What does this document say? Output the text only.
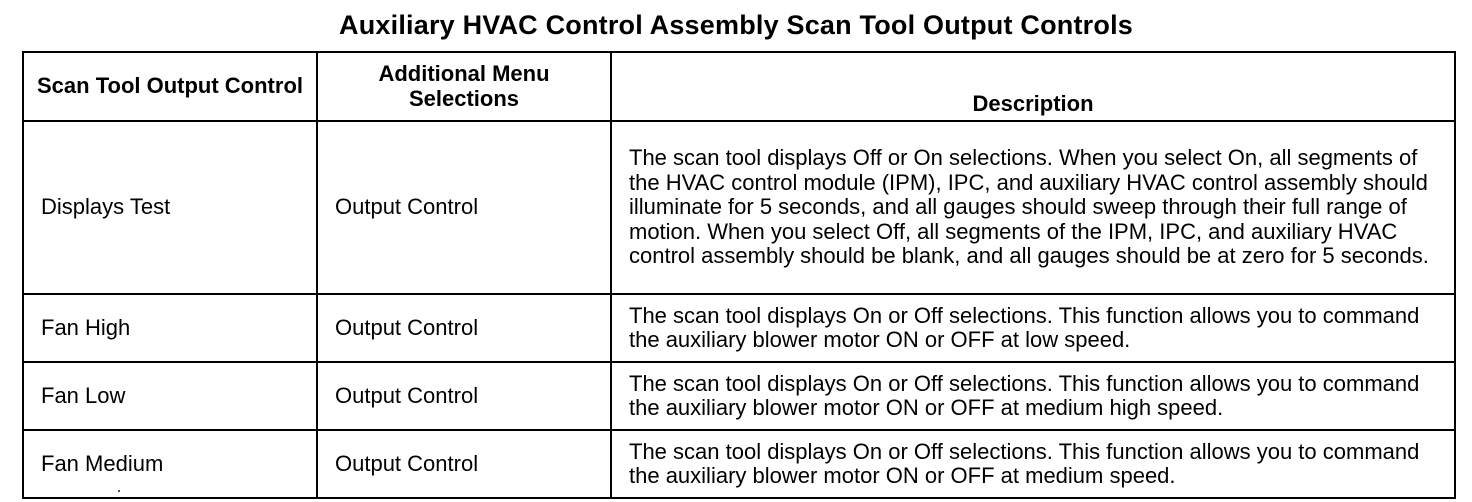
Auxiliary HVAC Control Assembly Scan Tool Output Controls
Scan Tool Output Control	Additional Menu Selections	Description
Displays Test	Output Control	The scan tool displays Off or On selections. When you select On, all segments of the HVAC control module (IPM), IPC, and auxiliary HVAC control assembly should illuminate for 5 seconds, and all gauges should sweep through their full range of motion. When you select Off, all segments of the IPM, IPC, and auxiliary HVAC control assembly should be blank, and all gauges should be at zero for 5 seconds.
Fan High	Output Control	The scan tool displays On or Off selections. This function allows you to command the auxiliary blower motor ON or OFF at low speed.
Fan Low	Output Control	The scan tool displays On or Off selections. This function allows you to command the auxiliary blower motor ON or OFF at medium high speed.
Fan Medium	Output Control	The scan tool displays On or Off selections. This function allows you to command the auxiliary blower motor ON or OFF at medium speed.
